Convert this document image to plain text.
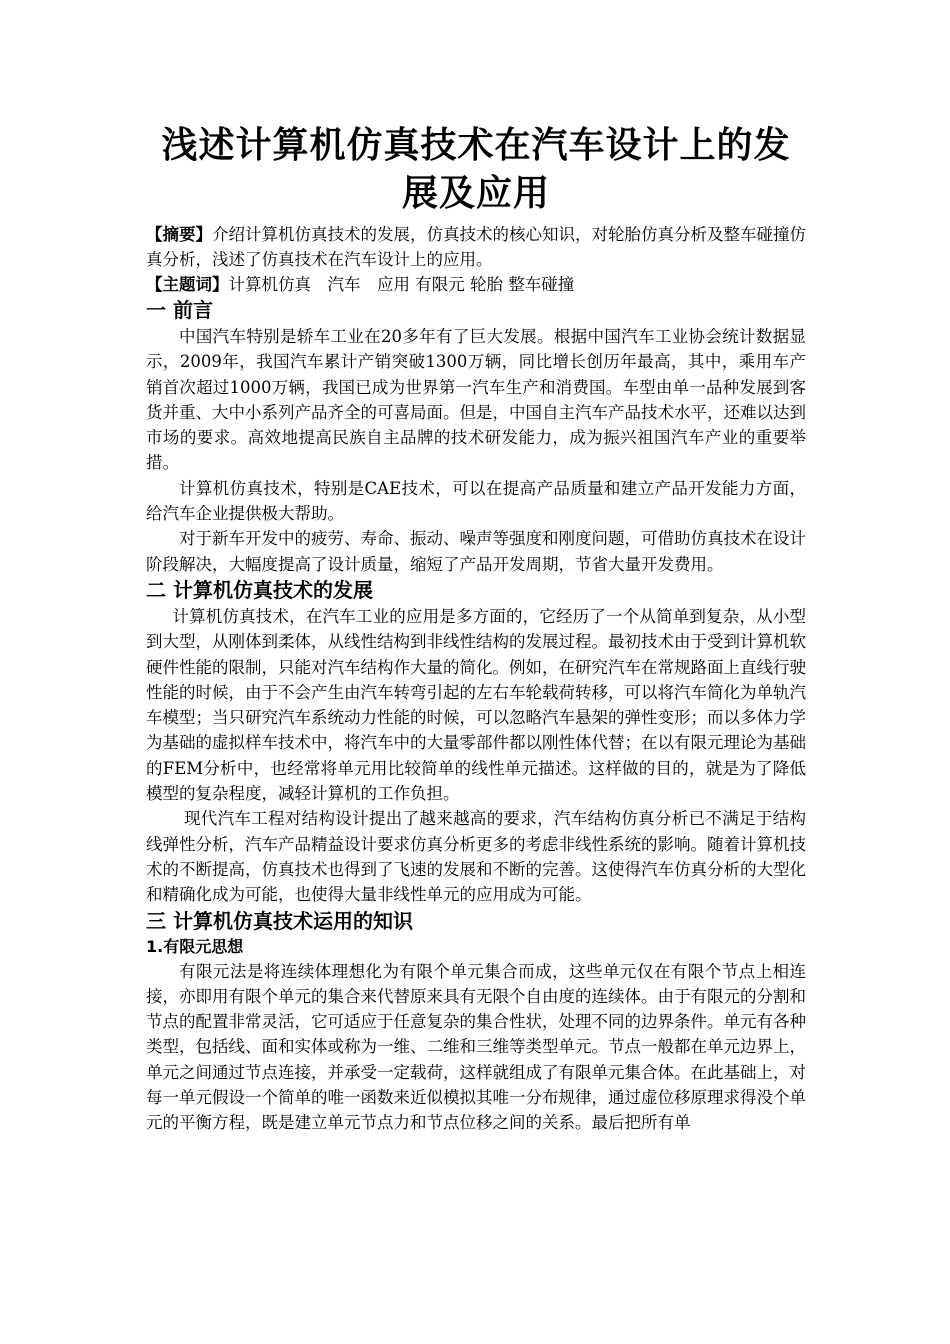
浅述计算机仿真技术在汽车设计上的发展及应用

【摘要】介绍计算机仿真技术的发展，仿真技术的核心知识，对轮胎仿真分析及整车碰撞仿真分析，浅述了仿真技术在汽车设计上的应用。

【主题词】计算机仿真　汽车　应用 有限元 轮胎 整车碰撞

一 前言

中国汽车特别是轿车工业在20多年有了巨大发展。根据中国汽车工业协会统计数据显示，2009年，我国汽车累计产销突破1300万辆，同比增长创历年最高，其中，乘用车产销首次超过1000万辆，我国已成为世界第一汽车生产和消费国。车型由单一品种发展到客货并重、大中小系列产品齐全的可喜局面。但是，中国自主汽车产品技术水平，还难以达到市场的要求。高效地提高民族自主品牌的技术研发能力，成为振兴祖国汽车产业的重要举措。

计算机仿真技术，特别是CAE技术，可以在提高产品质量和建立产品开发能力方面，给汽车企业提供极大帮助。

对于新车开发中的疲劳、寿命、振动、噪声等强度和刚度问题，可借助仿真技术在设计阶段解决，大幅度提高了设计质量，缩短了产品开发周期，节省大量开发费用。

二 计算机仿真技术的发展

计算机仿真技术，在汽车工业的应用是多方面的，它经历了一个从简单到复杂，从小型到大型，从刚体到柔体，从线性结构到非线性结构的发展过程。最初技术由于受到计算机软硬件性能的限制，只能对汽车结构作大量的简化。例如，在研究汽车在常规路面上直线行驶性能的时候，由于不会产生由汽车转弯引起的左右车轮载荷转移，可以将汽车简化为单轨汽车模型；当只研究汽车系统动力性能的时候，可以忽略汽车悬架的弹性变形；而以多体力学为基础的虚拟样车技术中，将汽车中的大量零部件都以刚性体代替；在以有限元理论为基础的FEM分析中，也经常将单元用比较简单的线性单元描述。这样做的目的，就是为了降低模型的复杂程度，减轻计算机的工作负担。

现代汽车工程对结构设计提出了越来越高的要求，汽车结构仿真分析已不满足于结构线弹性分析，汽车产品精益设计要求仿真分析更多的考虑非线性系统的影响。随着计算机技术的不断提高，仿真技术也得到了飞速的发展和不断的完善。这使得汽车仿真分析的大型化和精确化成为可能，也使得大量非线性单元的应用成为可能。

三 计算机仿真技术运用的知识
1.有限元思想

有限元法是将连续体理想化为有限个单元集合而成，这些单元仅在有限个节点上相连接，亦即用有限个单元的集合来代替原来具有无限个自由度的连续体。由于有限元的分割和节点的配置非常灵活，它可适应于任意复杂的集合性状，处理不同的边界条件。单元有各种类型，包括线、面和实体或称为一维、二维和三维等类型单元。节点一般都在单元边界上，单元之间通过节点连接，并承受一定载荷，这样就组成了有限单元集合体。在此基础上，对每一单元假设一个简单的唯一函数来近似模拟其唯一分布规律，通过虚位移原理求得没个单元的平衡方程，既是建立单元节点力和节点位移之间的关系。最后把所有单
